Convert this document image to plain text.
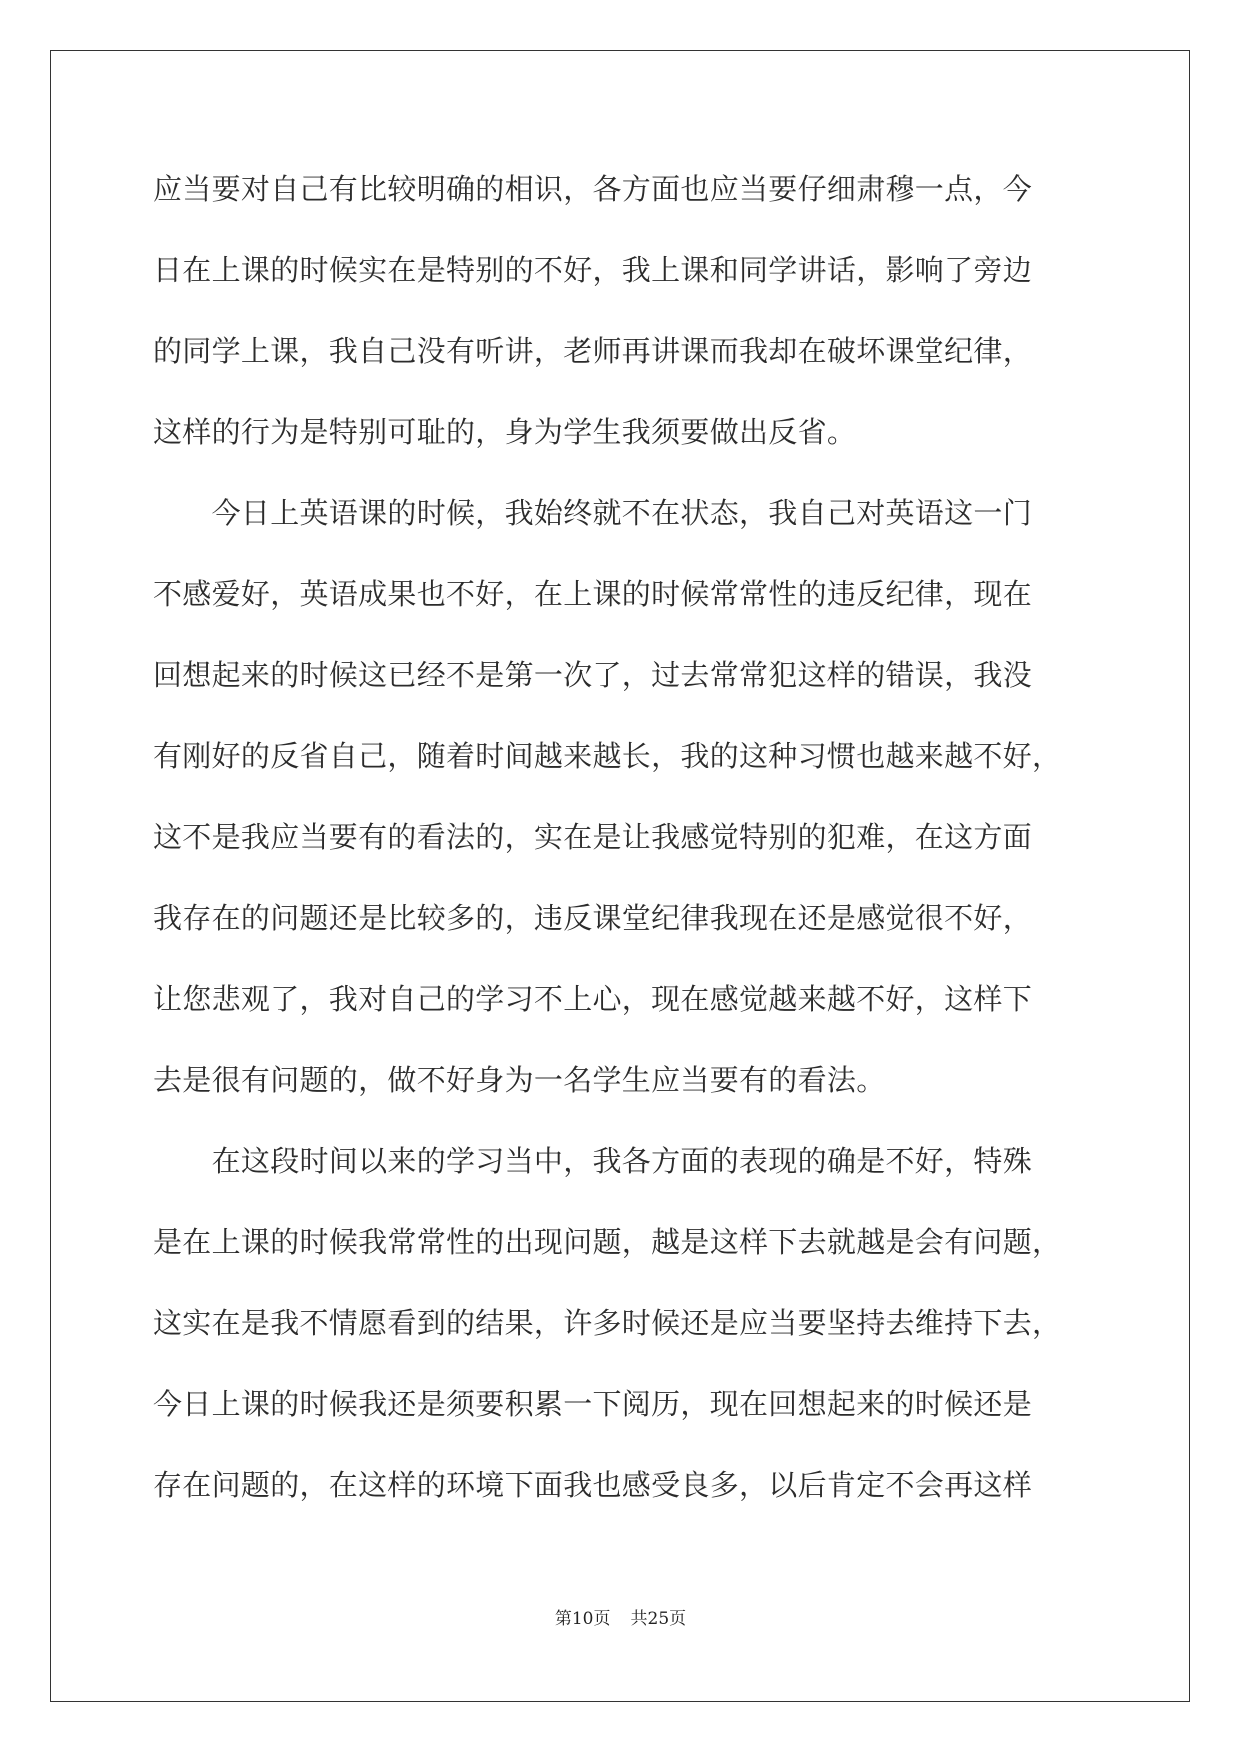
应当要对自己有比较明确的相识，各方面也应当要仔细肃穆一点，今
日在上课的时候实在是特别的不好，我上课和同学讲话，影响了旁边
的同学上课，我自己没有听讲，老师再讲课而我却在破坏课堂纪律，
这样的行为是特别可耻的，身为学生我须要做出反省。
　　今日上英语课的时候，我始终就不在状态，我自己对英语这一门
不感爱好，英语成果也不好，在上课的时候常常性的违反纪律，现在
回想起来的时候这已经不是第一次了，过去常常犯这样的错误，我没
有刚好的反省自己，随着时间越来越长，我的这种习惯也越来越不好，
这不是我应当要有的看法的，实在是让我感觉特别的犯难，在这方面
我存在的问题还是比较多的，违反课堂纪律我现在还是感觉很不好，
让您悲观了，我对自己的学习不上心，现在感觉越来越不好，这样下
去是很有问题的，做不好身为一名学生应当要有的看法。
　　在这段时间以来的学习当中，我各方面的表现的确是不好，特殊
是在上课的时候我常常性的出现问题，越是这样下去就越是会有问题，
这实在是我不情愿看到的结果，许多时候还是应当要坚持去维持下去，
今日上课的时候我还是须要积累一下阅历，现在回想起来的时候还是
存在问题的，在这样的环境下面我也感受良多，以后肯定不会再这样
第10页 共25页
